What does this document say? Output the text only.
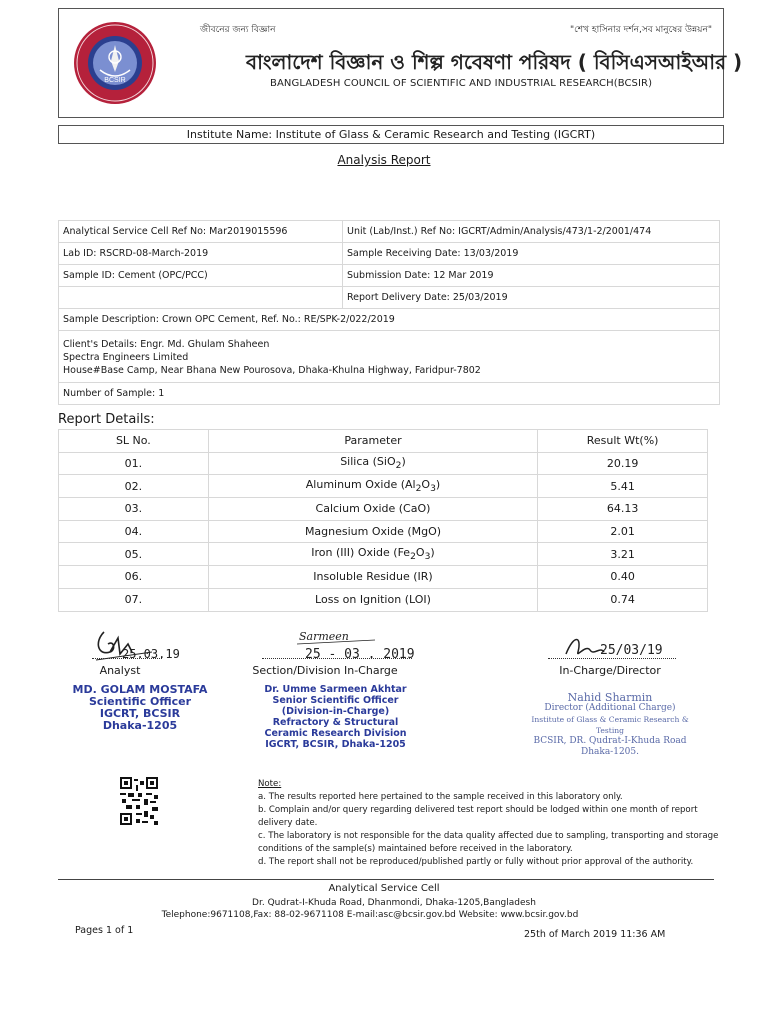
BCSIR
জীবনের জন্য বিজ্ঞান	"শেখ হাসিনার দর্শন,সব মানুষের উন্নয়ন"
বাংলাদেশ বিজ্ঞান ও শিল্প গবেষণা পরিষদ ( বিসিএসআইআর )
BANGLADESH COUNCIL OF SCIENTIFIC AND INDUSTRIAL RESEARCH(BCSIR)
Institute Name: Institute of Glass & Ceramic Research and Testing (IGCRT)
Analysis Report
Analytical Service Cell Ref No: Mar2019015596	Unit (Lab/Inst.) Ref No: IGCRT/Admin/Analysis/473/1-2/2001/474
Lab ID: RSCRD-08-March-2019	Sample Receiving Date: 13/03/2019
Sample ID: Cement (OPC/PCC)	Submission Date: 12 Mar 2019
	Report Delivery Date: 25/03/2019
Sample Description: Crown OPC Cement, Ref. No.: RE/SPK-2/022/2019	

Client's Details: Engr. Md. Ghulam Shaheen
Spectra Engineers Limited
House#Base Camp, Near Bhana New Pourosova, Dhaka-Khulna Highway, Faridpur-7802	

Number of Sample: 1	
Report Details:
SL No.	Parameter	Result Wt(%)
01.	Silica (SiO$_2$)	20.19
02.	Aluminum Oxide $(Al_2O_3)$	5.41
03.	Calcium Oxide (CaO)	64.13
04.	Magnesium Oxide (MgO)	2.01
05.	Iron (III) Oxide $(Fe_2O_3)$	3.21
06.	Insoluble Residue (IR)	0.40
07.	Loss on Ignition (LOI)	0.74
25.03.19
Analyst
MD. GOLAM MOSTAFA
Scientific Officer
IGCRT, BCSIR
Dhaka-1205
Sarmeen
25 - 03 . 2019
Section/Division In-Charge
Dr. Umme Sarmeen Akhtar
Senior Scientific Officer
(Division-in-Charge)
Refractory & Structural
Ceramic Research Division
IGCRT, BCSIR, Dhaka-1205
25/03/19
In-Charge/Director
Nahid Sharmin
Director (Additional Charge)
Institute of Glass & Ceramic Research & Testing
BCSIR, DR. Qudrat-I-Khuda Road
Dhaka-1205.
Note:
a. The results reported here pertained to the sample received in this laboratory only.
b. Complain and/or query regarding delivered test report should be lodged within one month of report delivery date.
c. The laboratory is not responsible for the data quality affected due to sampling, transporting and storage conditions of the sample(s) maintained before received in the laboratory.
d. The report shall not be reproduced/published partly or fully without prior approval of the authority.
Analytical Service Cell
Dr. Qudrat-I-Khuda Road, Dhanmondi, Dhaka-1205,Bangladesh
Telephone:9671108,Fax: 88-02-9671108 E-mail:asc@bcsir.gov.bd Website: www.bcsir.gov.bd
Pages 1 of 1	25th of March 2019 11:36 AM
